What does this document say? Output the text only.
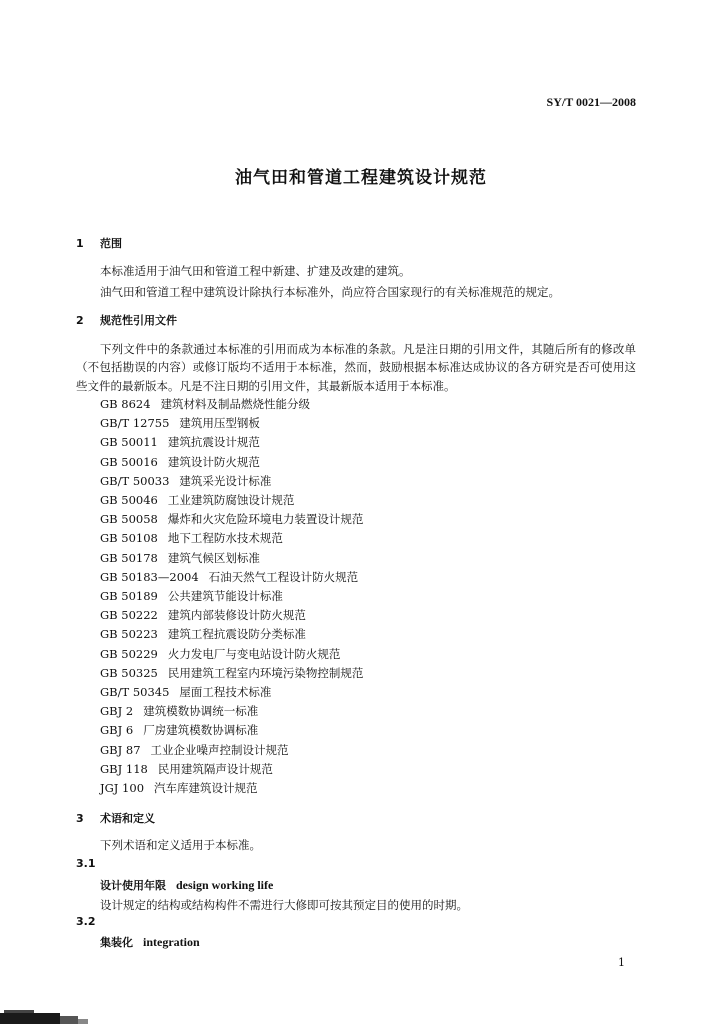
SY/T 0021—2008
油气田和管道工程建筑设计规范
1 范围
本标准适用于油气田和管道工程中新建、扩建及改建的建筑。
油气田和管道工程中建筑设计除执行本标准外，尚应符合国家现行的有关标准规范的规定。
2 规范性引用文件
下列文件中的条款通过本标准的引用而成为本标准的条款。凡是注日期的引用文件，其随后所有的修改单（不包括勘误的内容）或修订版均不适用于本标准，然而，鼓励根据本标准达成协议的各方研究是否可使用这些文件的最新版本。凡是不注日期的引用文件，其最新版本适用于本标准。
GB 8624 建筑材料及制品燃烧性能分级
GB/T 12755 建筑用压型钢板
GB 50011 建筑抗震设计规范
GB 50016 建筑设计防火规范
GB/T 50033 建筑采光设计标准
GB 50046 工业建筑防腐蚀设计规范
GB 50058 爆炸和火灾危险环境电力装置设计规范
GB 50108 地下工程防水技术规范
GB 50178 建筑气候区划标准
GB 50183—2004 石油天然气工程设计防火规范
GB 50189 公共建筑节能设计标准
GB 50222 建筑内部装修设计防火规范
GB 50223 建筑工程抗震设防分类标准
GB 50229 火力发电厂与变电站设计防火规范
GB 50325 民用建筑工程室内环境污染物控制规范
GB/T 50345 屋面工程技术标准
GBJ 2 建筑模数协调统一标准
GBJ 6 厂房建筑模数协调标准
GBJ 87 工业企业噪声控制设计规范
GBJ 118 民用建筑隔声设计规范
JGJ 100 汽车库建筑设计规范
3 术语和定义
下列术语和定义适用于本标准。
3.1
设计使用年限 design working life
设计规定的结构或结构构件不需进行大修即可按其预定目的使用的时期。
3.2
集装化 integration
1
